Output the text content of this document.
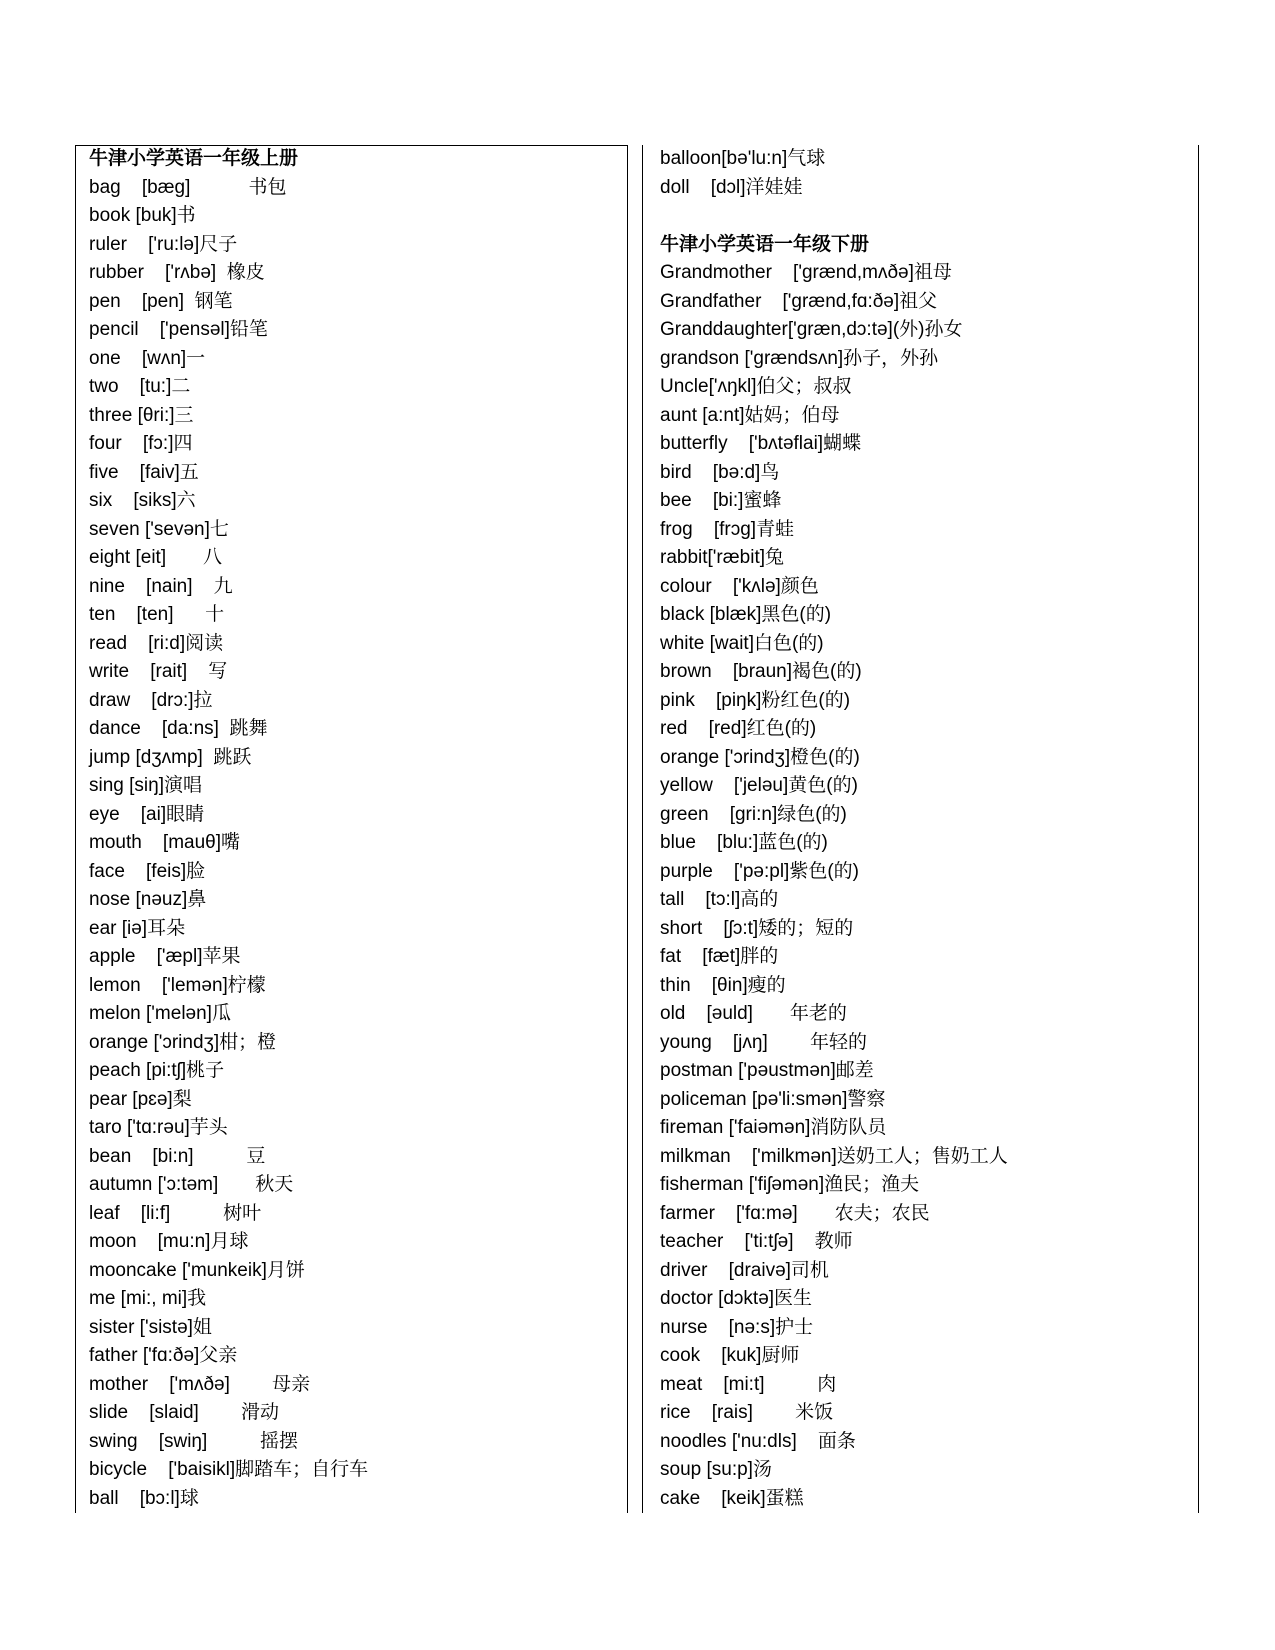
牛津小学英语一年级上册
bag    [bæg]           书包
book [buk]书
ruler    ['ru:lə]尺子
rubber    ['rʌbə]  橡皮
pen    [pen]  钢笔
pencil    ['pensəl]铅笔
one    [wʌn]一
two    [tu:]二
three [θri:]三
four    [fɔ:]四
five    [faiv]五
six    [siks]六
seven ['sevən]七
eight [eit]       八
nine    [nain]    九
ten    [ten]      十
read    [ri:d]阅读
write    [rait]    写
draw    [drɔ:]拉
dance    [da:ns]  跳舞
jump [dʒʌmp]  跳跃
sing [siŋ]演唱
eye    [ai]眼睛
mouth    [mauθ]嘴
face    [feis]脸
nose [nəuz]鼻
ear [iə]耳朵
apple    ['æpl]苹果
lemon    ['lemən]柠檬
melon ['melən]瓜
orange ['ɔrindʒ]柑；橙
peach [pi:tʃ]桃子
pear [pɛə]梨
taro ['tɑ:rəu]芋头
bean    [bi:n]          豆
autumn ['ɔ:təm]       秋天
leaf    [li:f]          树叶
moon    [mu:n]月球
mooncake ['munkeik]月饼
me [mi:, mi]我
sister ['sistə]姐
father ['fɑ:ðə]父亲
mother    ['mʌðə]        母亲
slide    [slaid]        滑动
swing    [swiŋ]          摇摆
bicycle    ['baisikl]脚踏车；自行车
ball    [bɔ:l]球
balloon[bə'lu:n]气球
doll    [dɔl]洋娃娃
牛津小学英语一年级下册
Grandmother    ['ɡrænd,mʌðə]祖母
Grandfather    ['ɡrænd,fɑ:ðə]祖父
Granddaughter['ɡræn,dɔ:tə](外)孙女
grandson ['ɡrændsʌn]孙子，外孙
Uncle['ʌŋkl]伯父；叔叔
aunt [a:nt]姑妈；伯母
butterfly    ['bʌtəflai]蝴蝶
bird    [bə:d]鸟
bee    [bi:]蜜蜂
frog    [frɔg]青蛙
rabbit['ræbit]兔
colour    ['kʌlə]颜色
black [blæk]黑色(的)
white [wait]白色(的)
brown    [braun]褐色(的)
pink    [piŋk]粉红色(的)
red    [red]红色(的)
orange ['ɔrindʒ]橙色(的)
yellow    ['jeləu]黄色(的)
green    [gri:n]绿色(的)
blue    [blu:]蓝色(的)
purple    ['pə:pl]紫色(的)
tall    [tɔ:l]高的
short    [ʃɔ:t]矮的；短的
fat    [fæt]胖的
thin    [θin]瘦的
old    [əuld]       年老的
young    [jʌŋ]        年轻的
postman ['pəustmən]邮差
policeman [pə'li:smən]警察
fireman ['faiəmən]消防队员
milkman    ['milkmən]送奶工人；售奶工人
fisherman ['fiʃəmən]渔民；渔夫
farmer    ['fɑ:mə]       农夫；农民
teacher    ['ti:tʃə]    教师
driver    [draivə]司机
doctor [dɔktə]医生
nurse    [nə:s]护士
cook    [kuk]厨师
meat    [mi:t]          肉
rice    [rais]        米饭
noodles ['nu:dls]    面条
soup [su:p]汤
cake    [keik]蛋糕
